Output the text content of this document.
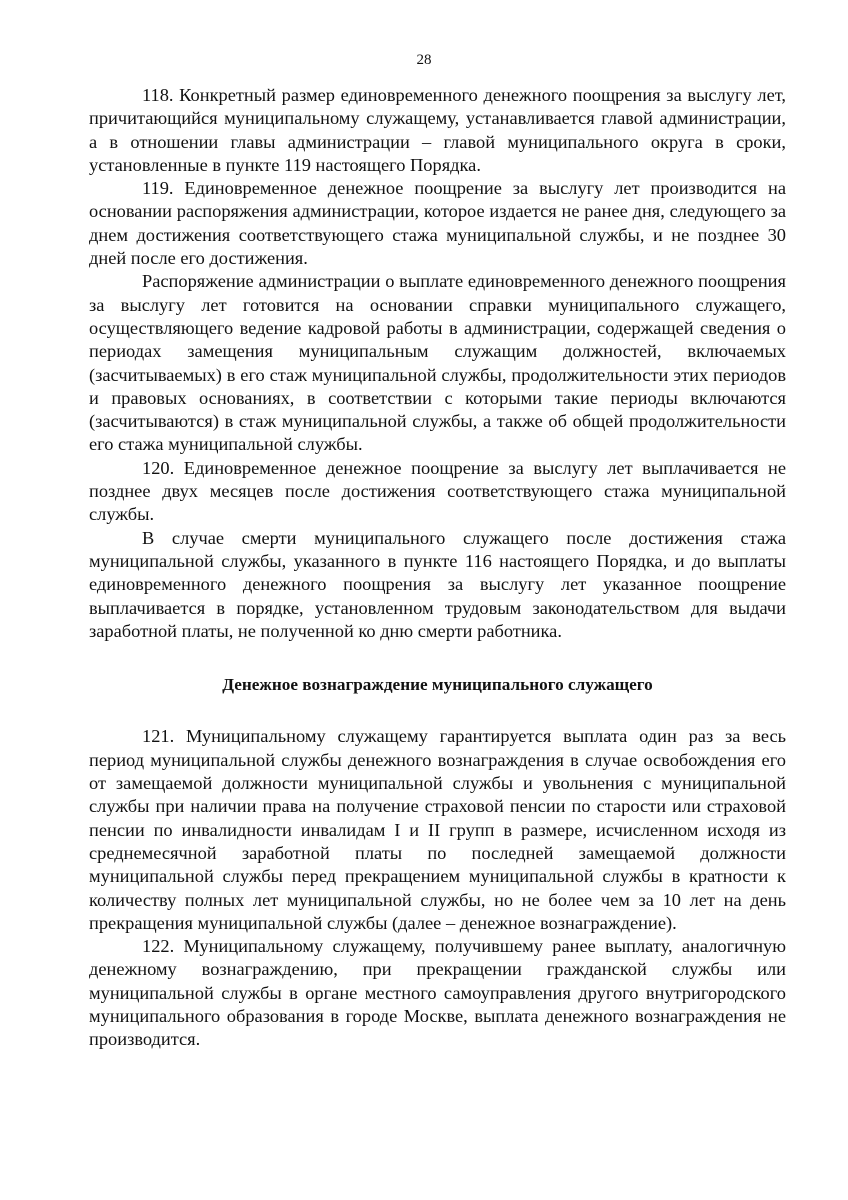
28

118. Конкретный размер единовременного денежного поощрения за выслугу лет, причитающийся муниципальному служащему, устанавливается главой администрации, а в отношении главы администрации – главой муниципального округа в сроки, установленные в пункте 119 настоящего Порядка.

119. Единовременное денежное поощрение за выслугу лет производится на основании распоряжения администрации, которое издается не ранее дня, следующего за днем достижения соответствующего стажа муниципальной службы, и не позднее 30 дней после его достижения.

Распоряжение администрации о выплате единовременного денежного поощрения за выслугу лет готовится на основании справки муниципального служащего, осуществляющего ведение кадровой работы в администрации, содержащей сведения о периодах замещения муниципальным служащим должностей, включаемых (засчитываемых) в его стаж муниципальной службы, продолжительности этих периодов и правовых основаниях, в соответствии с которыми такие периоды включаются (засчитываются) в стаж муниципальной службы, а также об общей продолжительности его стажа муниципальной службы.

120. Единовременное денежное поощрение за выслугу лет выплачивается не позднее двух месяцев после достижения соответствующего стажа муниципальной службы.

В случае смерти муниципального служащего после достижения стажа муниципальной службы, указанного в пункте 116 настоящего Порядка, и до выплаты единовременного денежного поощрения за выслугу лет указанное поощрение выплачивается в порядке, установленном трудовым законодательством для выдачи заработной платы, не полученной ко дню смерти работника.

Денежное вознаграждение муниципального служащего

121. Муниципальному служащему гарантируется выплата один раз за весь период муниципальной службы денежного вознаграждения в случае освобождения его от замещаемой должности муниципальной службы и увольнения с муниципальной службы при наличии права на получение страховой пенсии по старости или страховой пенсии по инвалидности инвалидам I и II групп в размере, исчисленном исходя из среднемесячной заработной платы по последней замещаемой должности муниципальной службы перед прекращением муниципальной службы в кратности к количеству полных лет муниципальной службы, но не более чем за 10 лет на день прекращения муниципальной службы (далее – денежное вознаграждение).

122. Муниципальному служащему, получившему ранее выплату, аналогичную денежному вознаграждению, при прекращении гражданской службы или муниципальной службы в органе местного самоуправления другого внутригородского муниципального образования в городе Москве, выплата денежного вознаграждения не производится.
